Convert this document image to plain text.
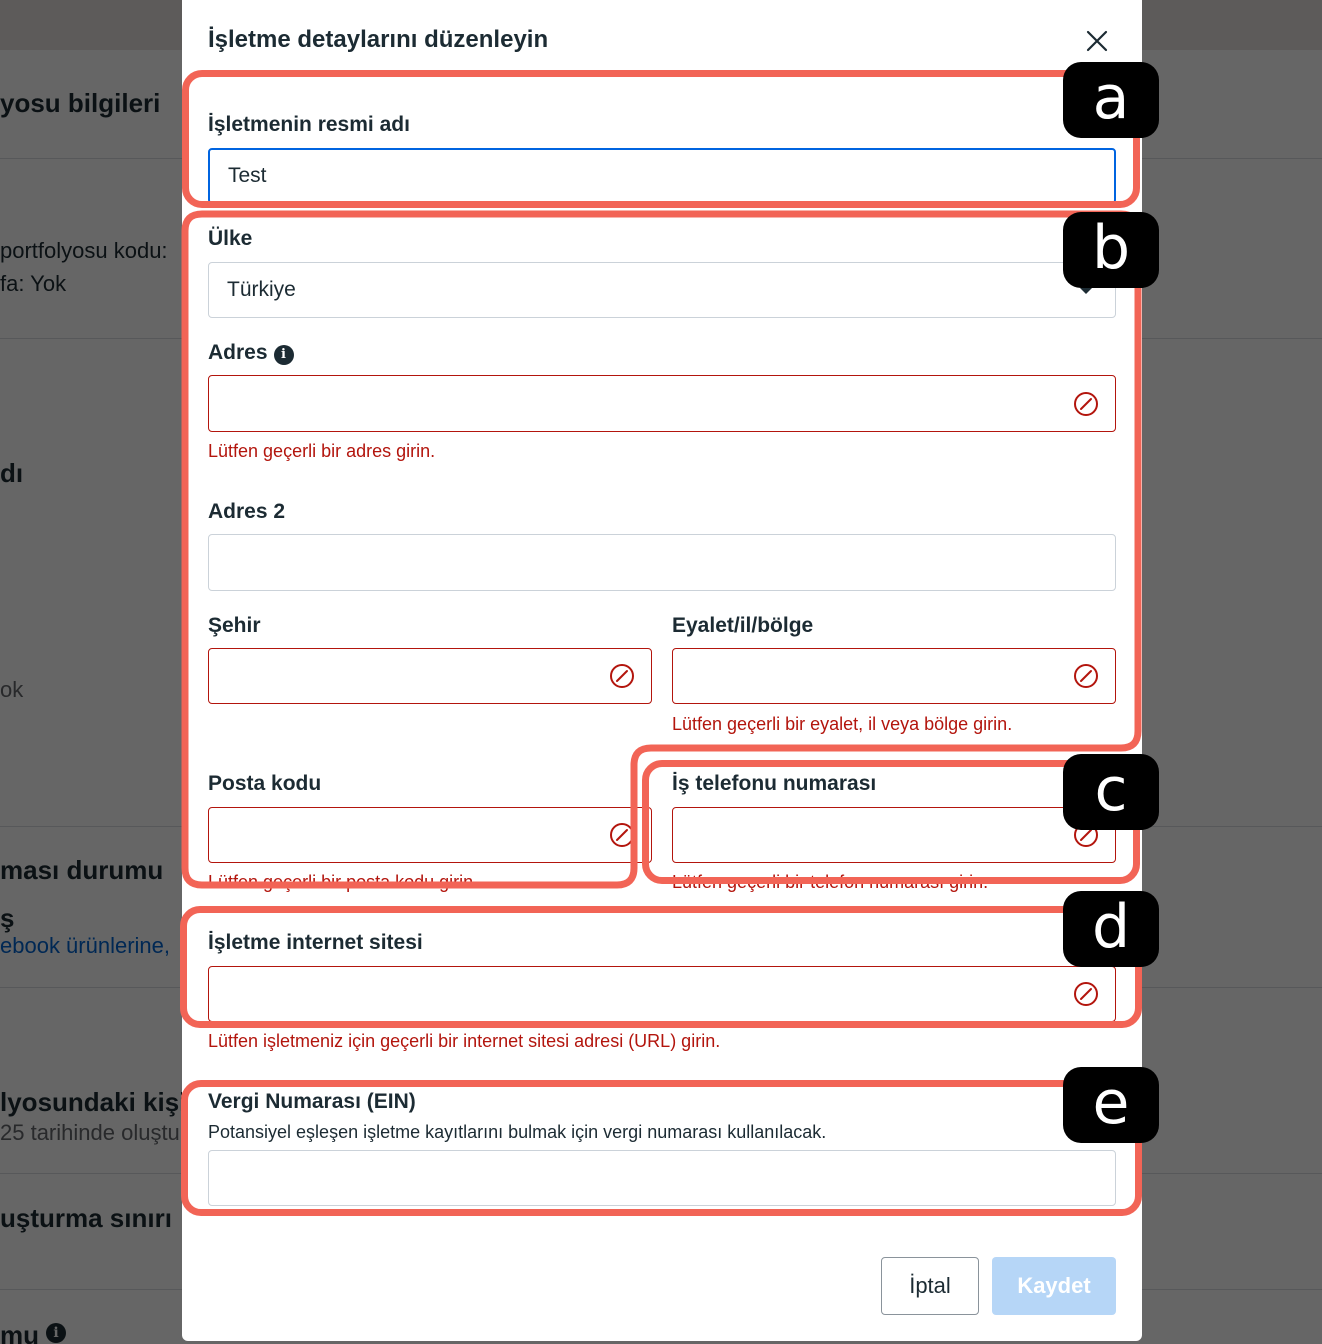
İşletme detaylarını düzenleyin
İşletmenin resmi adı
Test
Ülke
Türkiye
Adres i
Lütfen geçerli bir adres girin.
Adres 2
Şehir	Eyalet/il/bölge
Lütfen geçerli bir eyalet, il veya bölge girin.
Posta kodu
Lütfen geçerli bir posta kodu girin.
İş telefonu numarası
Lütfen geçerli bir telefon numarası girin.
İşletme internet sitesi
Lütfen işletmeniz için geçerli bir internet sitesi adresi (URL) girin.
Vergi Numarası (EIN)
Potansiyel eşleşen işletme kayıtlarını bulmak için vergi numarası kullanılacak.
İptal	Kaydet
a
b
c
d
e
